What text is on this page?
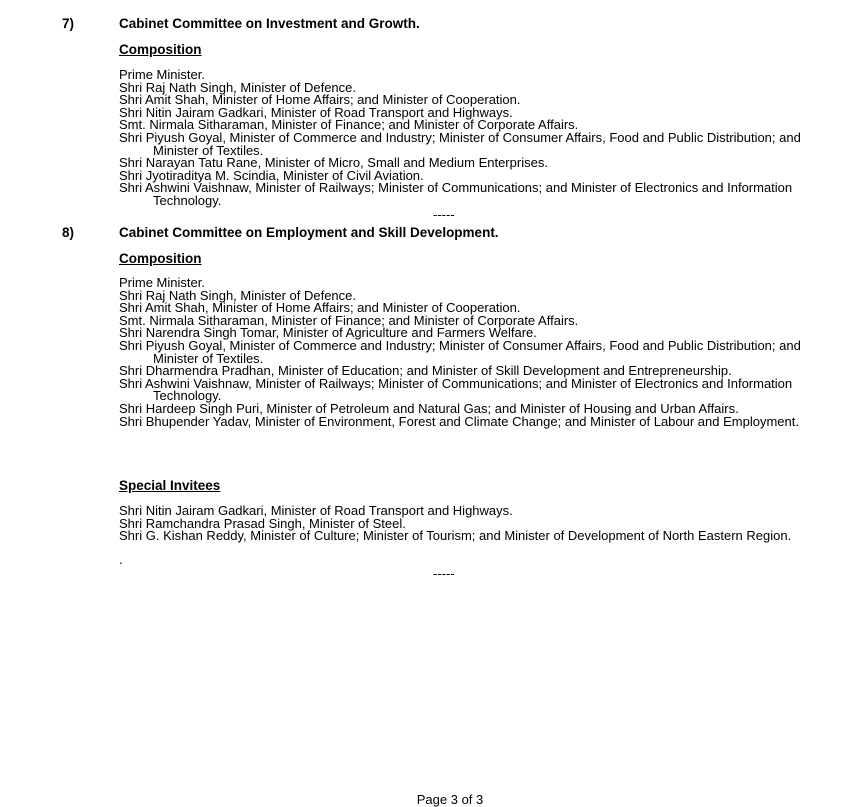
7)	Cabinet Committee on Investment and Growth.
Composition
Prime Minister.
Shri Raj Nath Singh, Minister of Defence.
Shri Amit Shah, Minister of Home Affairs; and Minister of Cooperation.
Shri Nitin Jairam Gadkari, Minister of Road Transport and Highways.
Smt. Nirmala Sitharaman, Minister of Finance; and Minister of Corporate Affairs.
Shri Piyush Goyal, Minister of Commerce and Industry; Minister of Consumer Affairs, Food and Public Distribution; and Minister of Textiles.
Shri Narayan Tatu Rane, Minister of Micro, Small and Medium Enterprises.
Shri Jyotiraditya M. Scindia, Minister of Civil Aviation.
Shri Ashwini Vaishnaw, Minister of Railways; Minister of Communications; and Minister of Electronics and Information Technology.
-----
8)	Cabinet Committee on Employment and Skill Development.
Composition
Prime Minister.
Shri Raj Nath Singh, Minister of Defence.
Shri Amit Shah, Minister of Home Affairs; and Minister of Cooperation.
Smt. Nirmala Sitharaman, Minister of Finance; and Minister of Corporate Affairs.
Shri Narendra Singh Tomar, Minister of Agriculture and Farmers Welfare.
Shri Piyush Goyal, Minister of Commerce and Industry; Minister of Consumer Affairs, Food and Public Distribution; and Minister of Textiles.
Shri Dharmendra Pradhan, Minister of Education; and Minister of Skill Development and Entrepreneurship.
Shri Ashwini Vaishnaw, Minister of Railways; Minister of Communications; and Minister of Electronics and Information Technology.
Shri Hardeep Singh Puri, Minister of Petroleum and Natural Gas; and Minister of Housing and Urban Affairs.
Shri Bhupender Yadav, Minister of Environment, Forest and Climate Change; and Minister of Labour and Employment.
Special Invitees
Shri Nitin Jairam Gadkari, Minister of Road Transport and Highways.
Shri Ramchandra Prasad Singh, Minister of Steel.
Shri G. Kishan Reddy, Minister of Culture; Minister of Tourism; and Minister of Development of North Eastern Region.
.
-----
Page 3 of 3
